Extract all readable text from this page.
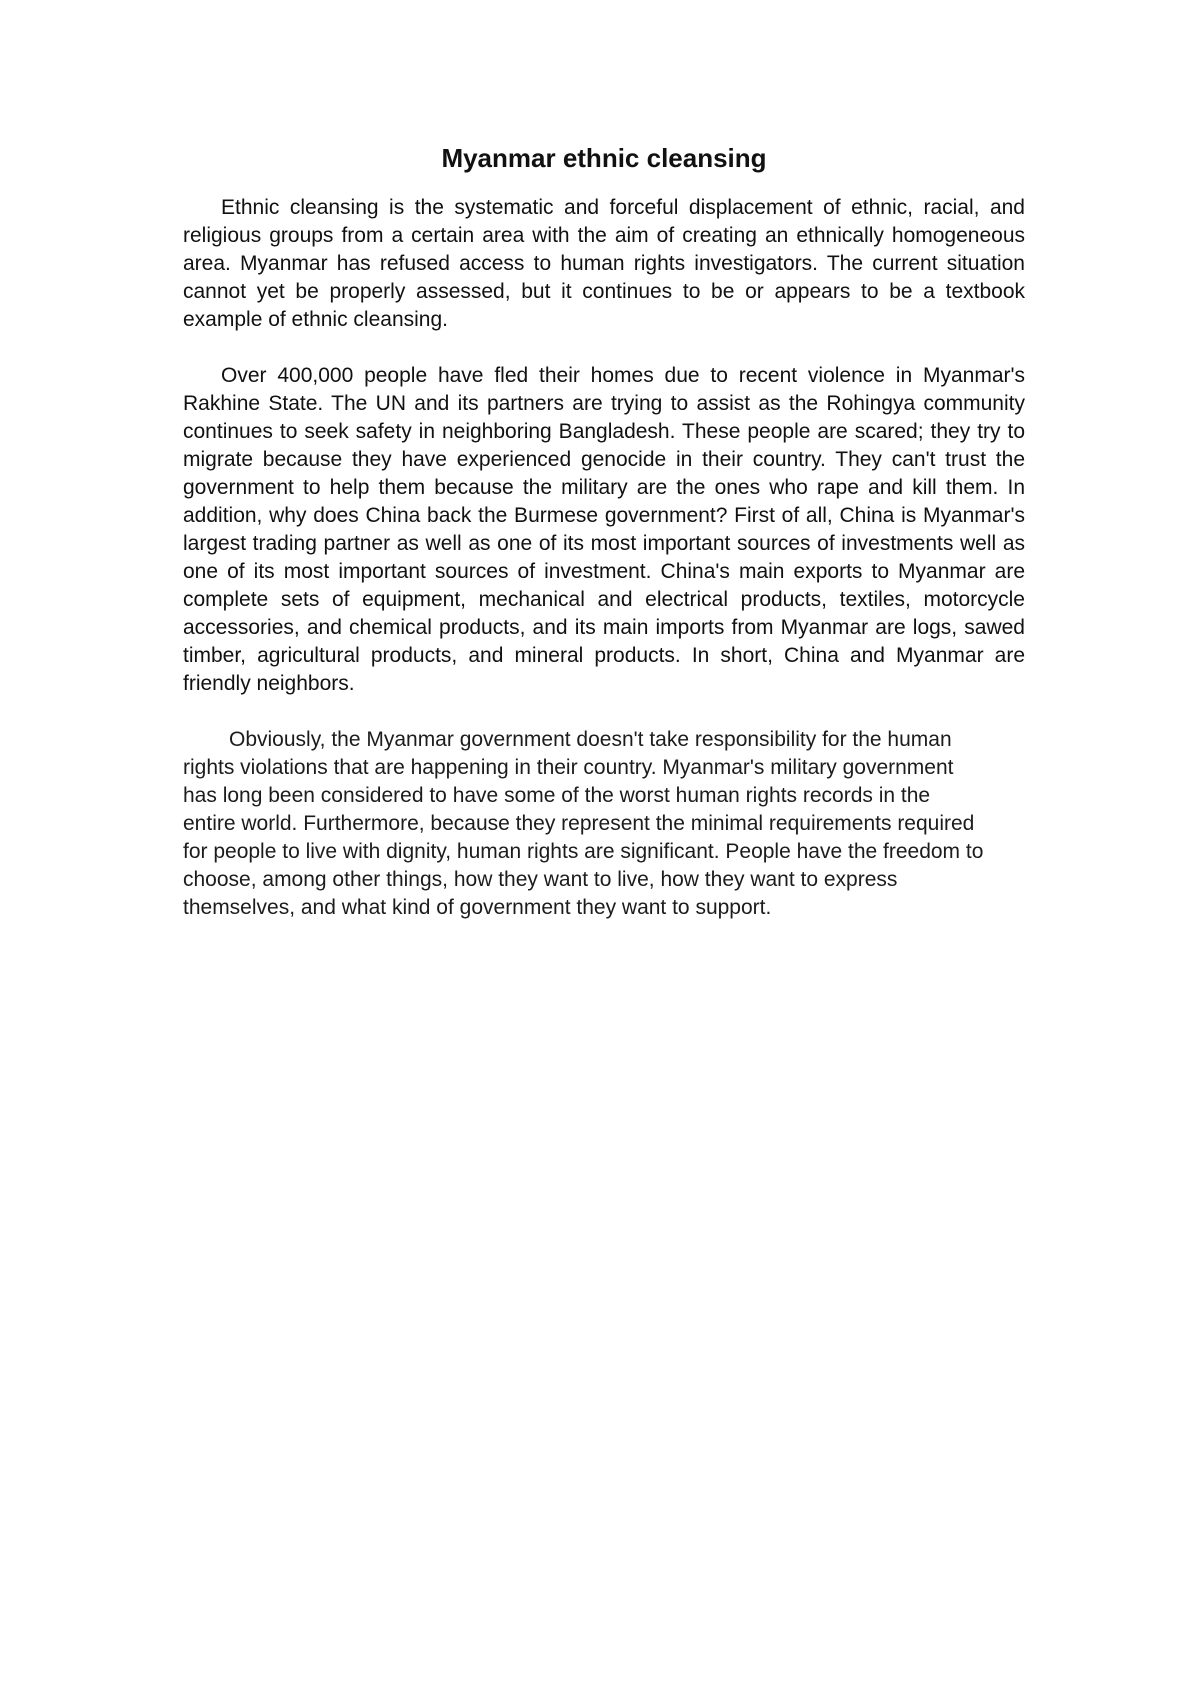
Myanmar ethnic cleansing

Ethnic cleansing is the systematic and forceful displacement of ethnic, racial, and religious groups from a certain area with the aim of creating an ethnically homogeneous area. Myanmar has refused access to human rights investigators. The current situation cannot yet be properly assessed, but it continues to be or appears to be a textbook example of ethnic cleansing.

Over 400,000 people have fled their homes due to recent violence in Myanmar's Rakhine State. The UN and its partners are trying to assist as the Rohingya community continues to seek safety in neighboring Bangladesh. These people are scared; they try to migrate because they have experienced genocide in their country. They can't trust the government to help them because the military are the ones who rape and kill them. In addition, why does China back the Burmese government? First of all, China is Myanmar's largest trading partner as well as one of its most important sources of investments well as one of its most important sources of investment. China's main exports to Myanmar are complete sets of equipment, mechanical and electrical products, textiles, motorcycle accessories, and chemical products, and its main imports from Myanmar are logs, sawed timber, agricultural products, and mineral products. In short, China and Myanmar are friendly neighbors.

Obviously, the Myanmar government doesn't take responsibility for the human rights violations that are happening in their country. Myanmar's military government has long been considered to have some of the worst human rights records in the entire world. Furthermore, because they represent the minimal requirements required for people to live with dignity, human rights are significant. People have the freedom to choose, among other things, how they want to live, how they want to express themselves, and what kind of government they want to support.
